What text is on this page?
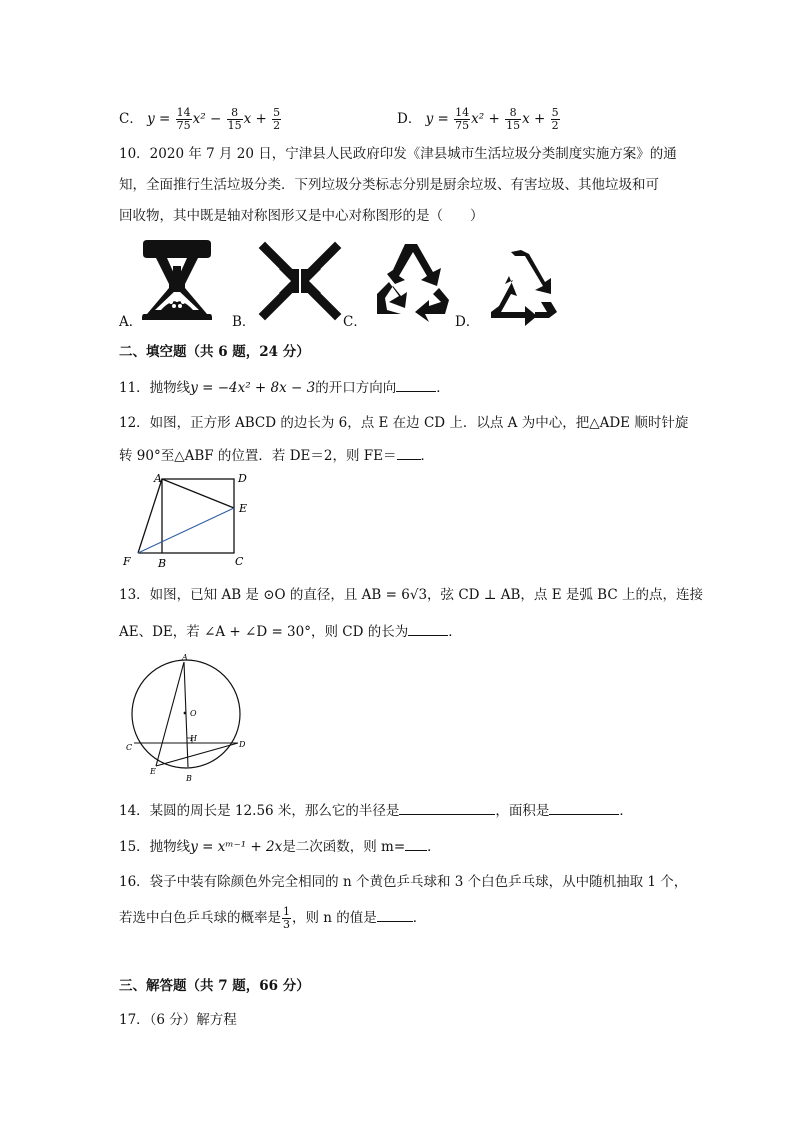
C． $y = \frac{14}{75} x^2 - \frac{8}{15}$ $x + \frac{5}{2}$	D． $y = \frac{14}{75} x^2 + \frac{8}{15}$ $x + \frac{5}{2}$
10．2020 年 7 月 20 日，宁津县人民政府印发《津县城市生活垃圾分类制度实施方案》的通
知，全面推行生活垃圾分类．下列垃圾分类标志分别是厨余垃圾、有害垃圾、其他垃圾和可
回收物，其中既是轴对称图形又是中心对称图形的是（　　）
A．	B．	C．	D．
二、填空题（共 6 题，24 分）
11．抛物线y = −4x² + 8x − 3的开口方向向	．
12．如图，正方形 ABCD 的边长为 6，点 E 在边 CD 上．以点 A 为中心，把△ADE 顺时针旋
转 90°至△ABF 的位置．若 DE＝2，则 FE＝ ．
A	D
E
B	C
F
13．如图，已知 AB 是 ⊙O 的直径，且 AB = 6√3，弦 CD ⊥ AB，点 E 是弧 BC 上的点，连接
AE、DE，若 ∠A + ∠D = 30°，则 CD 的长为	．
A
O
H
C	D
E
B
14．某圆的周长是 12.56 米，那么它的半径是	，面积是	．
15．抛物线y = xᵐ⁻¹ + 2x是二次函数，则 m= ．
16．袋子中装有除颜色外完全相同的 n 个黄色乒乓球和 3 个白色乒乓球，从中随机抽取 1 个，
若选中白色乒乓球的概率是 $\frac{1}{3}$ ，则 n 的值是	．
三、解答题（共 7 题，66 分）
17．（6 分）解方程
